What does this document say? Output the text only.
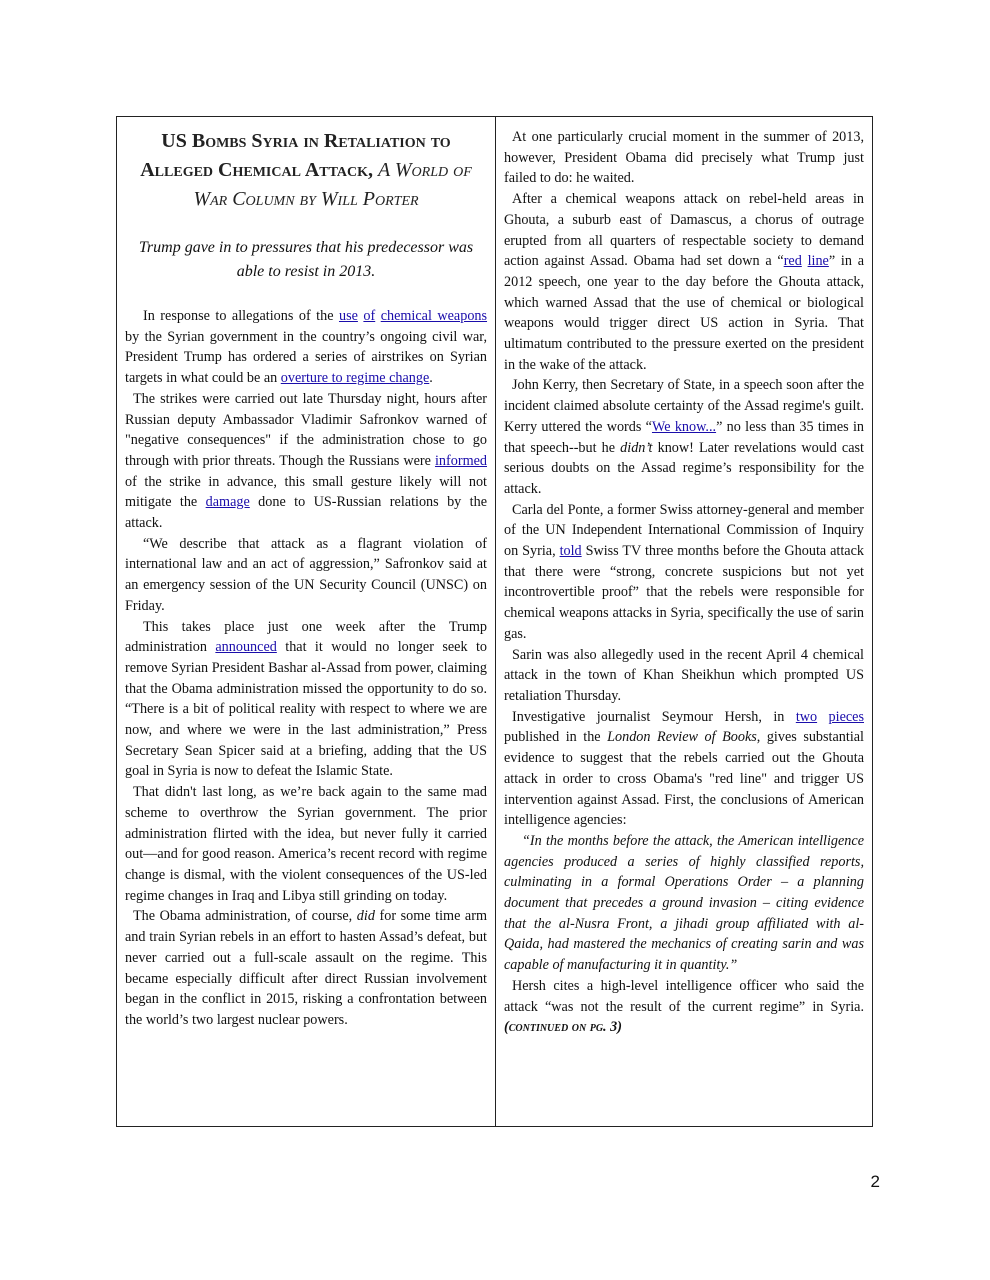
US Bombs Syria in Retaliation to Alleged Chemical Attack, A World of War Column by Will Porter
Trump gave in to pressures that his predecessor was able to resist in 2013.

In response to allegations of the use of chemical weapons by the Syrian government in the country’s ongoing civil war, President Trump has ordered a series of airstrikes on Syrian targets in what could be an overture to regime change.

The strikes were carried out late Thursday night, hours after Russian deputy Ambassador Vladimir Safronkov warned of "negative consequences" if the administration chose to go through with prior threats. Though the Russians were informed of the strike in advance, this small gesture likely will not mitigate the damage done to US-Russian relations by the attack.

“We describe that attack as a flagrant violation of international law and an act of aggression,” Safronkov said at an emergency session of the UN Security Council (UNSC) on Friday.

This takes place just one week after the Trump administration announced that it would no longer seek to remove Syrian President Bashar al-Assad from power, claiming that the Obama administration missed the opportunity to do so. “There is a bit of political reality with respect to where we are now, and where we were in the last administration,” Press Secretary Sean Spicer said at a briefing, adding that the US goal in Syria is now to defeat the Islamic State.

That didn't last long, as we’re back again to the same mad scheme to overthrow the Syrian government. The prior administration flirted with the idea, but never fully it carried out—and for good reason. America’s recent record with regime change is dismal, with the violent consequences of the US-led regime changes in Iraq and Libya still grinding on today.

The Obama administration, of course, did for some time arm and train Syrian rebels in an effort to hasten Assad’s defeat, but never carried out a full-scale assault on the regime. This became especially difficult after direct Russian involvement began in the conflict in 2015, risking a confrontation between the world’s two largest nuclear powers.

At one particularly crucial moment in the summer of 2013, however, President Obama did precisely what Trump just failed to do: he waited.

After a chemical weapons attack on rebel-held areas in Ghouta, a suburb east of Damascus, a chorus of outrage erupted from all quarters of respectable society to demand action against Assad. Obama had set down a “red line” in a 2012 speech, one year to the day before the Ghouta attack, which warned Assad that the use of chemical or biological weapons would trigger direct US action in Syria. That ultimatum contributed to the pressure exerted on the president in the wake of the attack.

John Kerry, then Secretary of State, in a speech soon after the incident claimed absolute certainty of the Assad regime's guilt. Kerry uttered the words “We know...” no less than 35 times in that speech--but he didn’t know! Later revelations would cast serious doubts on the Assad regime’s responsibility for the attack.

Carla del Ponte, a former Swiss attorney-general and member of the UN Independent International Commission of Inquiry on Syria, told Swiss TV three months before the Ghouta attack that there were “strong, concrete suspicions but not yet incontrovertible proof” that the rebels were responsible for chemical weapons attacks in Syria, specifically the use of sarin gas.

Sarin was also allegedly used in the recent April 4 chemical attack in the town of Khan Sheikhun which prompted US retaliation Thursday.

Investigative journalist Seymour Hersh, in two pieces published in the London Review of Books, gives substantial evidence to suggest that the rebels carried out the Ghouta attack in order to cross Obama's "red line" and trigger US intervention against Assad. First, the conclusions of American intelligence agencies:

“In the months before the attack, the American intelligence agencies produced a series of highly classified reports, culminating in a formal Operations Order – a planning document that precedes a ground invasion – citing evidence that the al-Nusra Front, a jihadi group affiliated with al-Qaida, had mastered the mechanics of creating sarin and was capable of manufacturing it in quantity.”

Hersh cites a high-level intelligence officer who said the attack “was not the result of the current regime” in Syria. (continued on pg. 3)

2
